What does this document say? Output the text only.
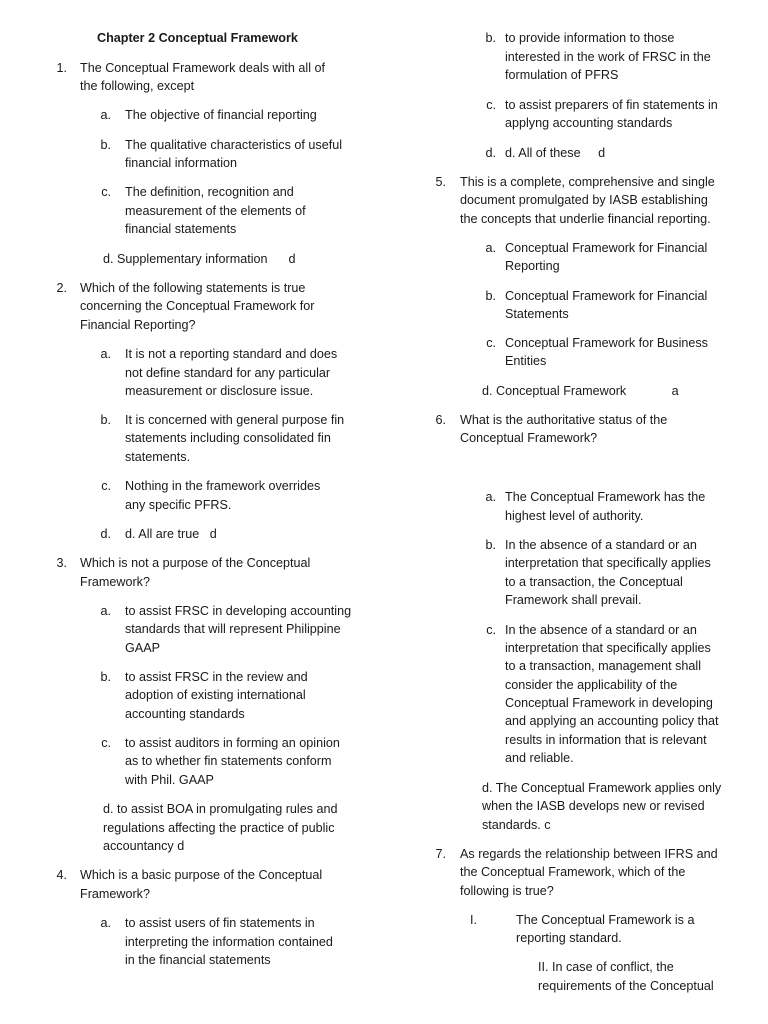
Chapter 2 Conceptual Framework
1. The Conceptual Framework deals with all of
the following, except
a. The objective of financial reporting
b. The qualitative characteristics of useful
financial information
c. The definition, recognition and
measurement of the elements of
financial statements
d. Supplementary information      d
2. Which of the following statements is true
concerning the Conceptual Framework for
Financial Reporting?
a. It is not a reporting standard and does
not define standard for any particular
measurement or disclosure issue.
b. It is concerned with general purpose fin
statements including consolidated fin
statements.
c. Nothing in the framework overrides
any specific PFRS.
d. d. All are true   d
3. Which is not a purpose of the Conceptual
Framework?
a. to assist FRSC in developing accounting
standards that will represent Philippine
GAAP
b. to assist FRSC in the review and
adoption of existing international
accounting standards
c. to assist auditors in forming an opinion
as to whether fin statements conform
with Phil. GAAP
d. to assist BOA in promulgating rules and
regulations affecting the practice of public
accountancy d
4. Which is a basic purpose of the Conceptual
Framework?
a. to assist users of fin statements in
interpreting the information contained
in the financial statements
b. to provide information to those
interested in the work of FRSC in the
formulation of PFRS
c. to assist preparers of fin statements in
applyng accounting standards
d. d. All of these     d
5. This is a complete, comprehensive and single
document promulgated by IASB establishing
the concepts that underlie financial reporting.
a. Conceptual Framework for Financial
Reporting
b. Conceptual Framework for Financial
Statements
c. Conceptual Framework for Business
Entities
d. Conceptual Framework             a
6. What is the authoritative status of the
Conceptual Framework?
a. The Conceptual Framework has the
highest level of authority.
b. In the absence of a standard or an
interpretation that specifically applies
to a transaction, the Conceptual
Framework shall prevail.
c. In the absence of a standard or an
interpretation that specifically applies
to a transaction, management shall
consider the applicability of the
Conceptual Framework in developing
and applying an accounting policy that
results in information that is relevant
and reliable.
d. The Conceptual Framework applies only
when the IASB develops new or revised
standards. c
7. As regards the relationship between IFRS and
the Conceptual Framework, which of the
following is true?
I.	The Conceptual Framework is a
reporting standard.
II. In case of conflict, the
requirements of the Conceptual
